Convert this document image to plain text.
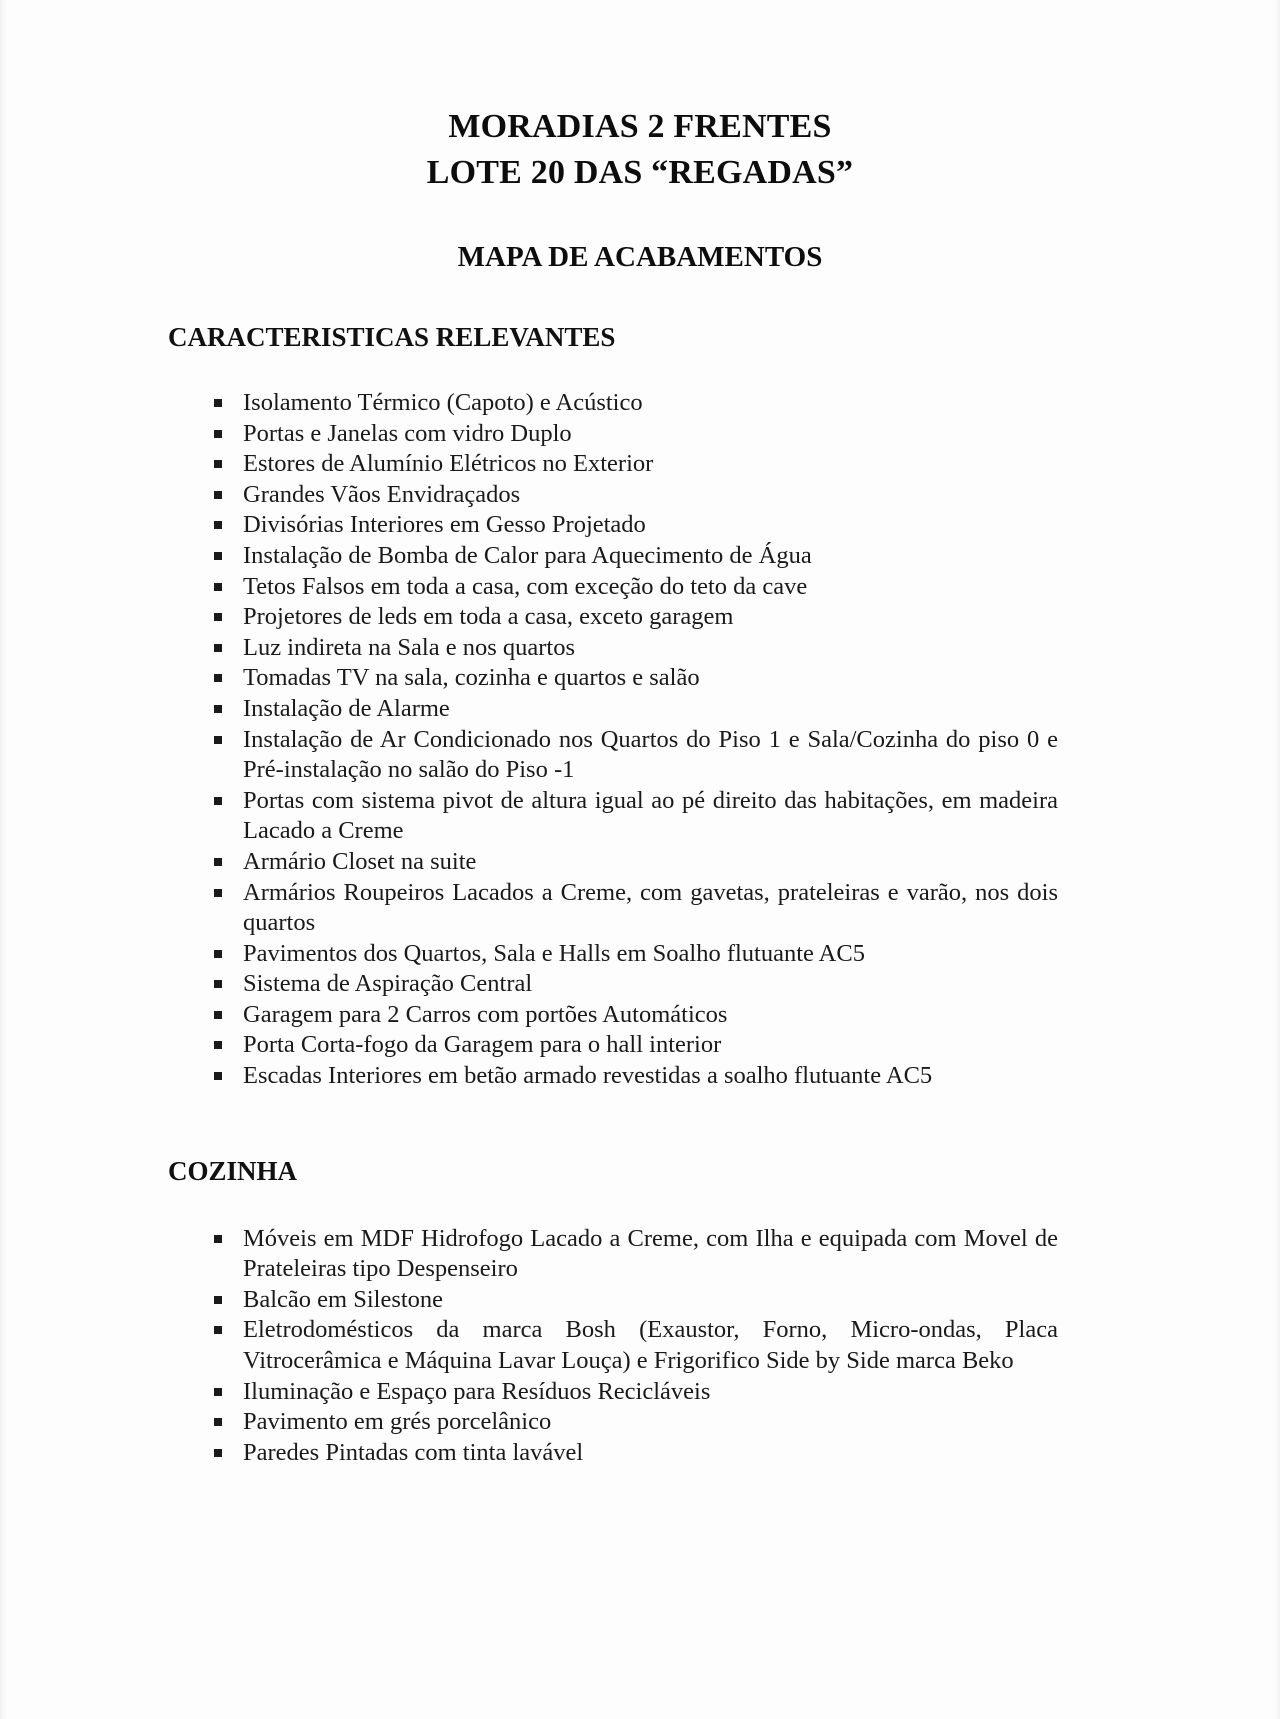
MORADIAS 2 FRENTES
LOTE 20 DAS “REGADAS”
MAPA DE ACABAMENTOS
CARACTERISTICAS RELEVANTES
Isolamento Térmico (Capoto) e Acústico
Portas e Janelas com vidro Duplo
Estores de Alumínio Elétricos no Exterior
Grandes Vãos Envidraçados
Divisórias Interiores em Gesso Projetado
Instalação de Bomba de Calor para Aquecimento de Água
Tetos Falsos em toda a casa, com exceção do teto da cave
Projetores de leds em toda a casa, exceto garagem
Luz indireta na Sala e nos quartos
Tomadas TV na sala, cozinha e quartos e salão
Instalação de Alarme
Instalação de Ar Condicionado nos Quartos do Piso 1 e Sala/Cozinha do piso 0 e Pré-instalação no salão do Piso -1
Portas com sistema pivot de altura igual ao pé direito das habitações, em madeira Lacado a Creme
Armário Closet na suite
Armários Roupeiros Lacados a Creme, com gavetas, prateleiras e varão, nos dois quartos
Pavimentos dos Quartos, Sala e Halls em Soalho flutuante AC5
Sistema de Aspiração Central
Garagem para 2 Carros com portões Automáticos
Porta Corta-fogo da Garagem para o hall interior
Escadas Interiores em betão armado revestidas a soalho flutuante AC5
COZINHA
Móveis em MDF Hidrofogo Lacado a Creme, com Ilha e equipada com Movel de Prateleiras tipo Despenseiro
Balcão em Silestone
Eletrodomésticos da marca Bosh (Exaustor, Forno, Micro-ondas, Placa Vitrocerâmica e Máquina Lavar Louça) e Frigorifico Side by Side marca Beko
Iluminação e Espaço para Resíduos Recicláveis
Pavimento em grés porcelânico
Paredes Pintadas com tinta lavável
